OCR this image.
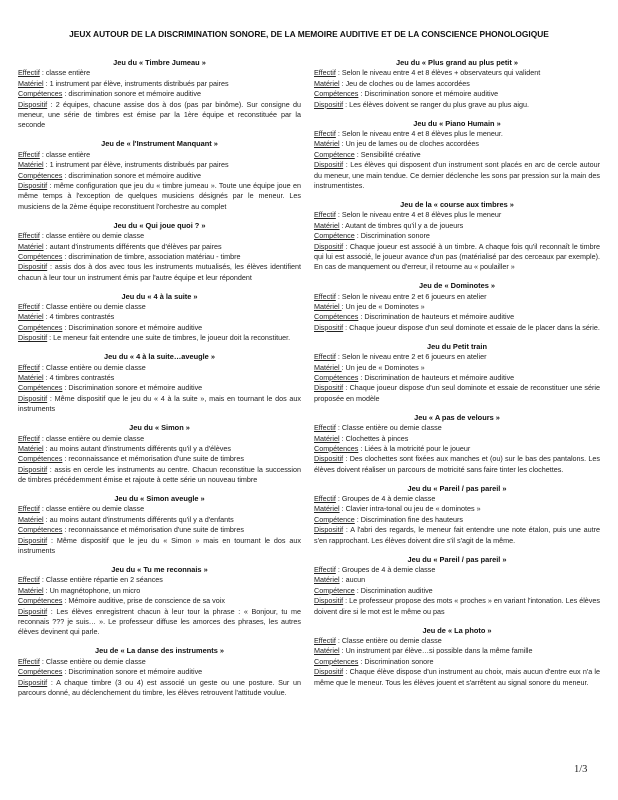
JEUX AUTOUR DE LA DISCRIMINATION SONORE, DE LA MEMOIRE AUDITIVE ET DE LA CONSCIENCE PHONOLOGIQUE
Jeu du « Timbre Jumeau »

Effectif : classe entière

Matériel : 1 instrument par élève, instruments distribués par paires

Compétences : discrimination sonore et mémoire auditive

Dispositif : 2 équipes, chacune assise dos à dos (pas par binôme). Sur consigne du meneur, une série de timbres est émise par la 1ère équipe et reconstituée par la seconde

Jeu de « l'Instrument Manquant »

Effectif : classe entière

Matériel : 1 instrument par élève, instruments distribués par paires

Compétences : discrimination sonore et mémoire auditive

Dispositif : même configuration que jeu du « timbre jumeau ». Toute une équipe joue en même temps à l'exception de quelques musiciens désignés par le meneur. Les musiciens de la 2ème équipe reconstituent l'orchestre au complet

Jeu du « Qui joue quoi ? »

Effectif : classe entière ou demie classe

Matériel : autant d'instruments différents que d'élèves par paires

Compétences : discrimination de timbre, association matériau - timbre

Dispositif : assis dos à dos avec tous les instruments mutualisés, les élèves identifient chacun à leur tour un instrument émis par l'autre équipe et leur répondent

Jeu du « 4 à la suite »

Effectif : Classe entière ou demie classe

Matériel : 4 timbres contrastés

Compétences : Discrimination sonore et mémoire auditive

Dispositif : Le meneur fait entendre une suite de timbres, le joueur doit la reconstituer.

Jeu du « 4 à la suite…aveugle »

Effectif : Classe entière ou demie classe

Matériel : 4 timbres contrastés

Compétences : Discrimination sonore et mémoire auditive

Dispositif : Même dispositif que le jeu du « 4 à la suite », mais en tournant le dos aux instruments

Jeu du « Simon »

Effectif : classe entière ou demie classe

Matériel : au moins autant d'instruments différents qu'il y a d'élèves

Compétences : reconnaissance et mémorisation d'une suite de timbres

Dispositif : assis en cercle les instruments au centre. Chacun reconstitue la succession de timbres précédemment émise et rajoute à cette série un nouveau timbre

Jeu du « Simon aveugle »

Effectif : classe entière ou demie classe

Matériel : au moins autant d'instruments différents qu'il y a d'enfants

Compétences : reconnaissance et mémorisation d'une suite de timbres

Dispositif : Même dispositif que le jeu du « Simon » mais en tournant le dos aux instruments

Jeu du « Tu me reconnais »

Effectif : Classe entière répartie en 2 séances

Matériel : Un magnétophone, un micro

Compétences : Mémoire auditive, prise de conscience de sa voix

Dispositif : Les élèves enregistrent chacun à leur tour la phrase : « Bonjour, tu me reconnais ??? je suis… ». Le professeur diffuse les amorces des phrases, les autres élèves devinent qui parle.

Jeu de « La danse des instruments »

Effectif : Classe entière ou demie classe

Compétences : Discrimination sonore et mémoire auditive

Dispositif : A chaque timbre (3 ou 4) est associé un geste ou une posture. Sur un parcours donné, au déclenchement du timbre, les élèves retrouvent l'attitude voulue.

Jeu du « Plus grand au plus petit »

Effectif : Selon le niveau entre 4 et 8 élèves + observateurs qui valident

Matériel : Jeu de cloches ou de lames accordées

Compétences : Discrimination sonore et mémoire auditive

Dispositif : Les élèves doivent se ranger du plus grave au plus aigu.

Jeu du « Piano Humain »

Effectif : Selon le niveau entre 4 et 8 élèves plus le meneur.

Matériel : Un jeu de lames ou de cloches accordées

Compétence : Sensibilité créative

Dispositif : Les élèves qui disposent d'un instrument sont placés en arc de cercle autour du meneur, une main tendue. Ce dernier déclenche les sons par pression sur la main des instrumentistes.

Jeu de la « course aux timbres »

Effectif : Selon le niveau entre 4 et 8 élèves plus le meneur

Matériel : Autant de timbres qu'il y a de joueurs

Compétence : Discrimination sonore

Dispositif : Chaque joueur est associé à un timbre. A chaque fois qu'il reconnaît le timbre qui lui est associé, le joueur avance d'un pas (matérialisé par des cerceaux par exemple). En cas de manquement ou d'erreur, il retourne au « poulailler »

Jeu de « Dominotes »

Effectif : Selon le niveau entre 2 et 6 joueurs en atelier

Matériel : Un jeu de « Dominotes »

Compétences : Discrimination de hauteurs et mémoire auditive

Dispositif : Chaque joueur dispose d'un seul dominote et essaie de le placer dans la série.

Jeu du Petit train

Effectif : Selon le niveau entre 2 et 6 joueurs en atelier

Matériel : Un jeu de « Dominotes »

Compétences : Discrimination de hauteurs et mémoire auditive

Dispositif : Chaque joueur dispose d'un seul dominote et essaie de reconstituer une série proposée en modèle

Jeu « A pas de velours »

Effectif : Classe entière ou demie classe

Matériel : Clochettes à pinces

Compétences : Liées à la motricité pour le joueur

Dispositif : Des clochettes sont fixées aux manches et (ou) sur le bas des pantalons. Les élèves doivent réaliser un parcours de motricité sans faire tinter les clochettes.

Jeu du « Pareil / pas pareil »

Effectif : Groupes de 4 à demie classe

Matériel : Clavier intra-tonal ou jeu de « dominotes »

Compétence : Discrimination fine des hauteurs

Dispositif : A l'abri des regards, le meneur fait entendre une note étalon, puis une autre s'en rapprochant. Les élèves doivent dire s'il s'agit de la même.

Jeu du « Pareil / pas pareil »

Effectif : Groupes de 4 à demie classe

Matériel : aucun

Compétence : Discrimination auditive

Dispositif : Le professeur propose des mots « proches » en variant l'intonation. Les élèves doivent dire si le mot est le même ou pas

Jeu de « La photo »

Effectif : Classe entière ou demie classe

Matériel : Un instrument par élève…si possible dans la même famille

Compétences : Discrimination sonore

Dispositif : Chaque élève dispose d'un instrument au choix, mais aucun d'entre eux n'a le même que le meneur. Tous les élèves jouent et s'arrêtent au signal sonore du meneur.

1/3
